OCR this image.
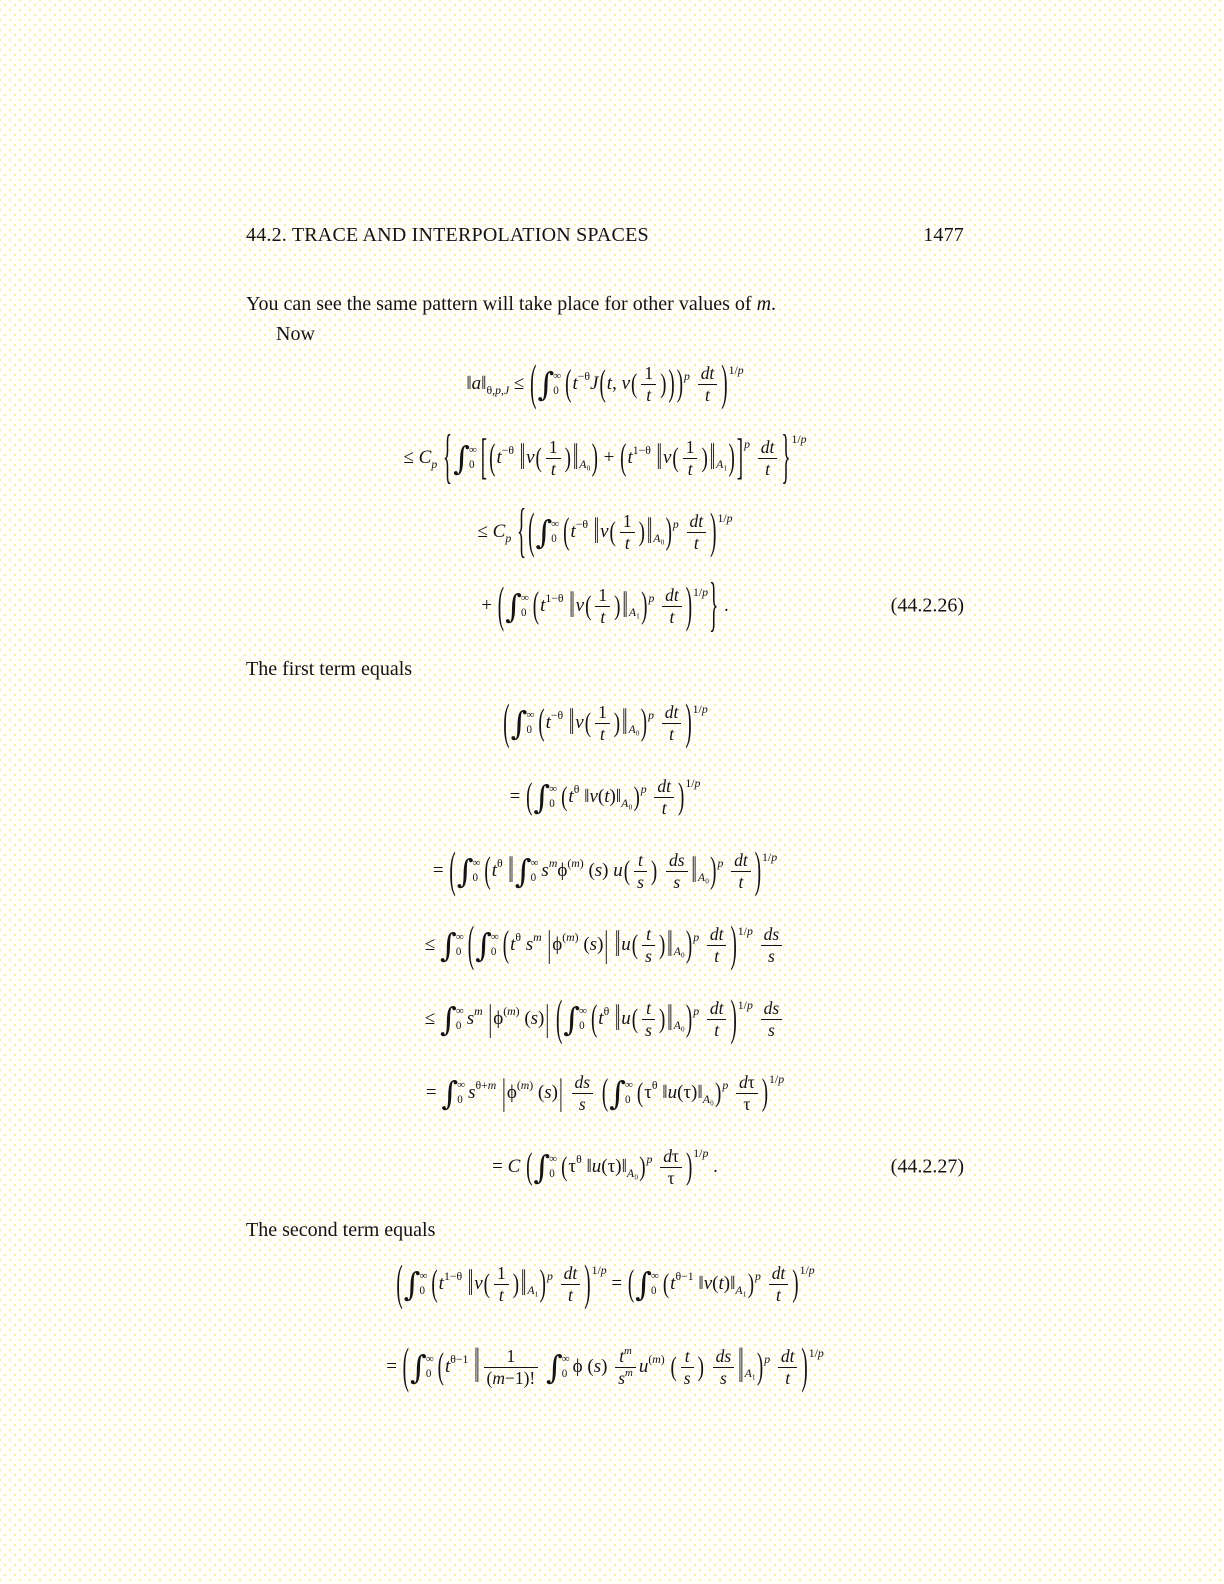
44.2. TRACE AND INTERPOLATION SPACES	1477
You can see the same pattern will take place for other values of m.
Now
$‖a‖_{\theta,p,J}$ ≤ (∫ ∞
0 ($t^{-\theta}J(t$, $v( \frac{1}{t}$ ) ) )$^p \frac{dt}{t} )^{1/p}$
≤ $C_p$ {∫ ∞
0 [ ($t^{-\theta}$ ‖v( $\frac{1}{t}$ ) $‖_{A_0}) + (t^{1-\theta}$ ‖v( $\frac{1}{t}$ ) $‖_{A_1}$) ]$^p \frac{dt}{t} \}^{1/p}$
≤ $C_p$ { (∫ ∞
0 ($t^{-\theta}$ ‖v( $\frac{1}{t}$ ) $‖_{A_0})^p \frac{dt}{t} )^{1/p}$
+ (∫ ∞
0 ($t^{1-\theta}$ ‖v( $\frac{1}{t}$ ) $‖_{A_1})^p \frac{dt}{t} )^{1/p}$} .	(44.2.26)
The first term equals
(∫ ∞
0 ($t^{-\theta}$ ‖v( $\frac{1}{t}$ ) $‖_{A_0})^p \frac{dt}{t} )^{1/p}$
= (∫ ∞
0 ($t^\theta$ $‖v(t)‖_{A_0})^p \frac{dt}{t} )^{1/p}$
= (∫ ∞
0 ($t^\theta$ ‖∫ ∞
0 $s^m\phi^{(m)}$ (s) $u( \frac{t}{s}$ ) $\frac{ds}{s}$ $‖_{A_0})^p \frac{dt}{t} )^{1/p}$
≤ ∫ ∞
0 (∫ ∞
0 ($t^\theta$ $s^m$ $|\phi^{(m)}$ (s)| ‖u( $\frac{t}{s}$ ) $‖_{A_0})^p \frac{dt}{t} )^{1/p} \frac{ds}{s}$
≤ ∫ ∞
0 $s^m$ $|\phi^{(m)}$ (s)| (∫ ∞
0 ($t^\theta$ ‖u( $\frac{t}{s}$ ) $‖_{A_0})^p \frac{dt}{t} )^{1/p} \frac{ds}{s}$
= ∫ ∞
0 $s^{\theta+m}$ $|\phi^{(m)}$ $(s)| \frac{ds}{s}$ (∫ ∞
0 ($\tau^\theta$ $‖u(\tau)‖_{A_0})^p \frac{d\tau}{\tau} )^{1/p}$
= C (∫ ∞
0 ($\tau^\theta$ $‖u(\tau)‖_{A_0})^p \frac{d\tau}{\tau} )^{1/p}$ .	(44.2.27)
The second term equals
(∫ ∞
0 ($t^{1-\theta}$ ‖v( $\frac{1}{t}$ ) $‖_{A_1})^p \frac{dt}{t} )^{1/p}$ = (∫ ∞
0 ($t^{\theta-1}$ $‖v(t)‖_{A_1})^p \frac{dt}{t} )^{1/p}$
= (∫ ∞
0 ($t^{\theta-1}$ ‖ $\frac{1}{(m-1)!}$ ∫ ∞
0 ϕ $(s) \frac{t^m}{s^m} u^{(m)}$ ( $\frac{t}{s}$ ) $\frac{ds}{s}$ $‖_{A_1})^p \frac{dt}{t} )^{1/p}$
